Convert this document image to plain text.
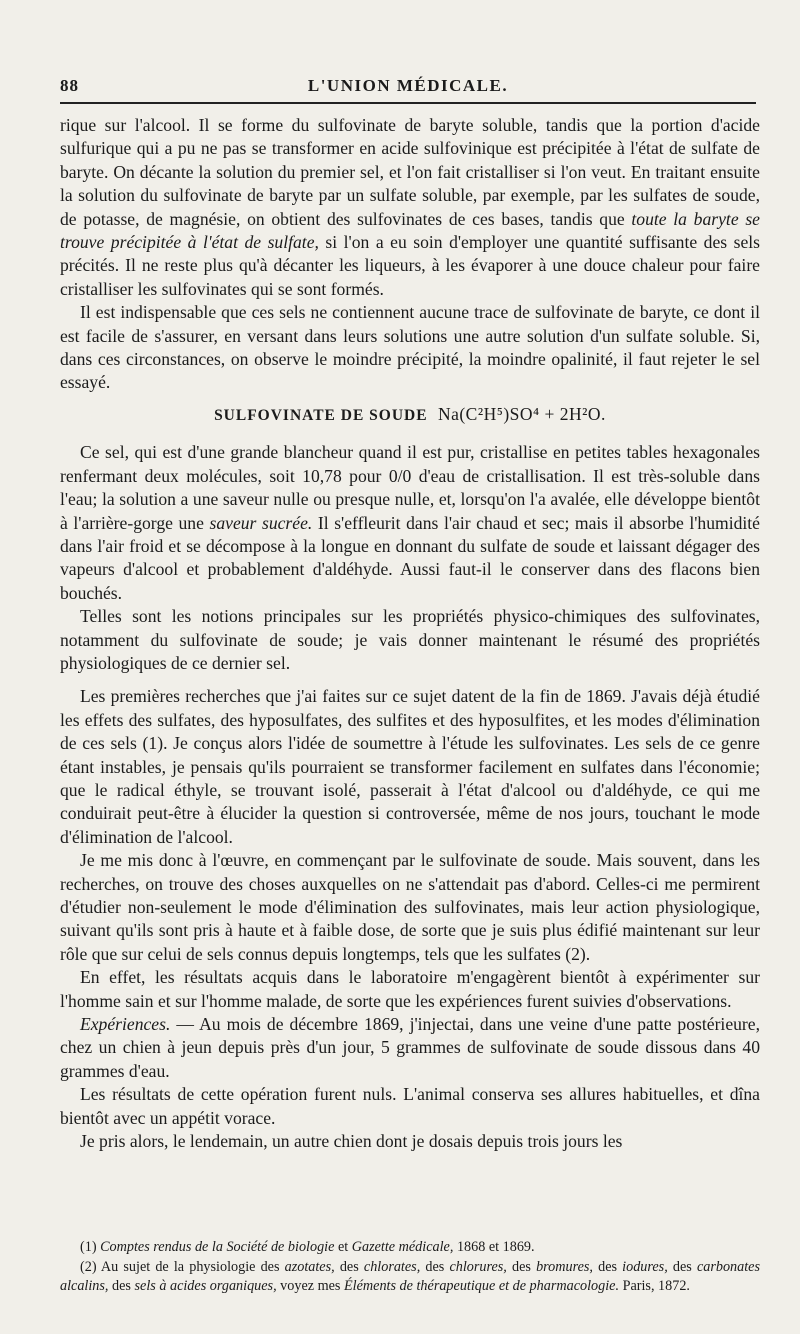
88	L'UNION MÉDICALE.

rique sur l'alcool. Il se forme du sulfovinate de baryte soluble, tandis que la portion d'acide sulfurique qui a pu ne pas se transformer en acide sulfovinique est précipitée à l'état de sulfate de baryte. On décante la solution du premier sel, et l'on fait cristalliser si l'on veut. En traitant ensuite la solution du sulfovinate de baryte par un sulfate soluble, par exemple, par les sulfates de soude, de potasse, de magnésie, on obtient des sulfovinates de ces bases, tandis que toute la baryte se trouve précipitée à l'état de sulfate, si l'on a eu soin d'employer une quantité suffisante des sels précités. Il ne reste plus qu'à décanter les liqueurs, à les évaporer à une douce chaleur pour faire cristalliser les sulfovinates qui se sont formés.

Il est indispensable que ces sels ne contiennent aucune trace de sulfovinate de baryte, ce dont il est facile de s'assurer, en versant dans leurs solutions une autre solution d'un sulfate soluble. Si, dans ces circonstances, on observe le moindre précipité, la moindre opalinité, il faut rejeter le sel essayé.

SULFOVINATE DE SOUDE Na(C²H⁵)SO⁴ + 2H²O.

Ce sel, qui est d'une grande blancheur quand il est pur, cristallise en petites tables hexagonales renfermant deux molécules, soit 10,78 pour 0/0 d'eau de cristallisation. Il est très-soluble dans l'eau; la solution a une saveur nulle ou presque nulle, et, lorsqu'on l'a avalée, elle développe bientôt à l'arrière-gorge une saveur sucrée. Il s'effleurit dans l'air chaud et sec; mais il absorbe l'humidité dans l'air froid et se décompose à la longue en donnant du sulfate de soude et laissant dégager des vapeurs d'alcool et probablement d'aldéhyde. Aussi faut-il le conserver dans des flacons bien bouchés.

Telles sont les notions principales sur les propriétés physico-chimiques des sulfovinates, notamment du sulfovinate de soude; je vais donner maintenant le résumé des propriétés physiologiques de ce dernier sel.

Les premières recherches que j'ai faites sur ce sujet datent de la fin de 1869. J'avais déjà étudié les effets des sulfates, des hyposulfates, des sulfites et des hyposulfites, et les modes d'élimination de ces sels (1). Je conçus alors l'idée de soumettre à l'étude les sulfovinates. Les sels de ce genre étant instables, je pensais qu'ils pourraient se transformer facilement en sulfates dans l'économie; que le radical éthyle, se trouvant isolé, passerait à l'état d'alcool ou d'aldéhyde, ce qui me conduirait peut-être à élucider la question si controversée, même de nos jours, touchant le mode d'élimination de l'alcool.

Je me mis donc à l'œuvre, en commençant par le sulfovinate de soude. Mais souvent, dans les recherches, on trouve des choses auxquelles on ne s'attendait pas d'abord. Celles-ci me permirent d'étudier non-seulement le mode d'élimination des sulfovinates, mais leur action physiologique, suivant qu'ils sont pris à haute et à faible dose, de sorte que je suis plus édifié maintenant sur leur rôle que sur celui de sels connus depuis longtemps, tels que les sulfates (2).

En effet, les résultats acquis dans le laboratoire m'engagèrent bientôt à expérimenter sur l'homme sain et sur l'homme malade, de sorte que les expériences furent suivies d'observations.

Expériences. — Au mois de décembre 1869, j'injectai, dans une veine d'une patte postérieure, chez un chien à jeun depuis près d'un jour, 5 grammes de sulfovinate de soude dissous dans 40 grammes d'eau.

Les résultats de cette opération furent nuls. L'animal conserva ses allures habituelles, et dîna bientôt avec un appétit vorace.

Je pris alors, le lendemain, un autre chien dont je dosais depuis trois jours les

(1) Comptes rendus de la Société de biologie et Gazette médicale, 1868 et 1869.

(2) Au sujet de la physiologie des azotates, des chlorates, des chlorures, des bromures, des iodures, des carbonates alcalins, des sels à acides organiques, voyez mes Éléments de thérapeutique et de pharmacologie. Paris, 1872.
